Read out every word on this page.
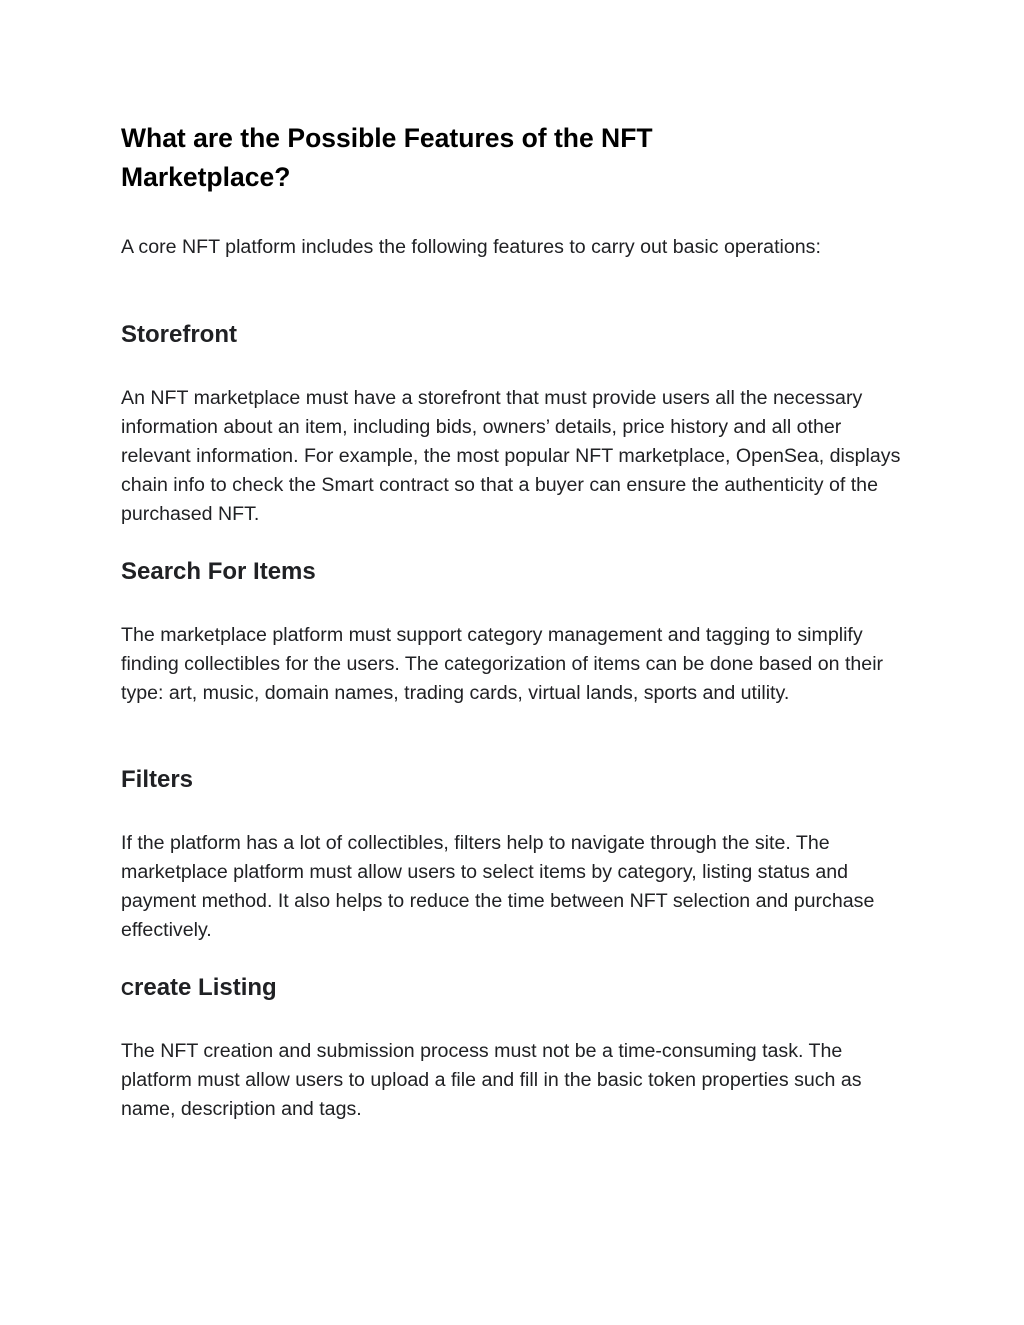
What are the Possible Features of the NFT Marketplace?

A core NFT platform includes the following features to carry out basic operations:

Storefront

An NFT marketplace must have a storefront that must provide users all the necessary information about an item, including bids, owners’ details, price history and all other relevant information. For example, the most popular NFT marketplace, OpenSea, displays chain info to check the Smart contract so that a buyer can ensure the authenticity of the purchased NFT.

Search For Items

The marketplace platform must support category management and tagging to simplify finding collectibles for the users. The categorization of items can be done based on their type: art, music, domain names, trading cards, virtual lands, sports and utility.

Filters

If the platform has a lot of collectibles, filters help to navigate through the site. The marketplace platform must allow users to select items by category, listing status and payment method. It also helps to reduce the time between NFT selection and purchase effectively.

Create Listing

The NFT creation and submission process must not be a time-consuming task. The platform must allow users to upload a file and fill in the basic token properties such as name, description and tags.
